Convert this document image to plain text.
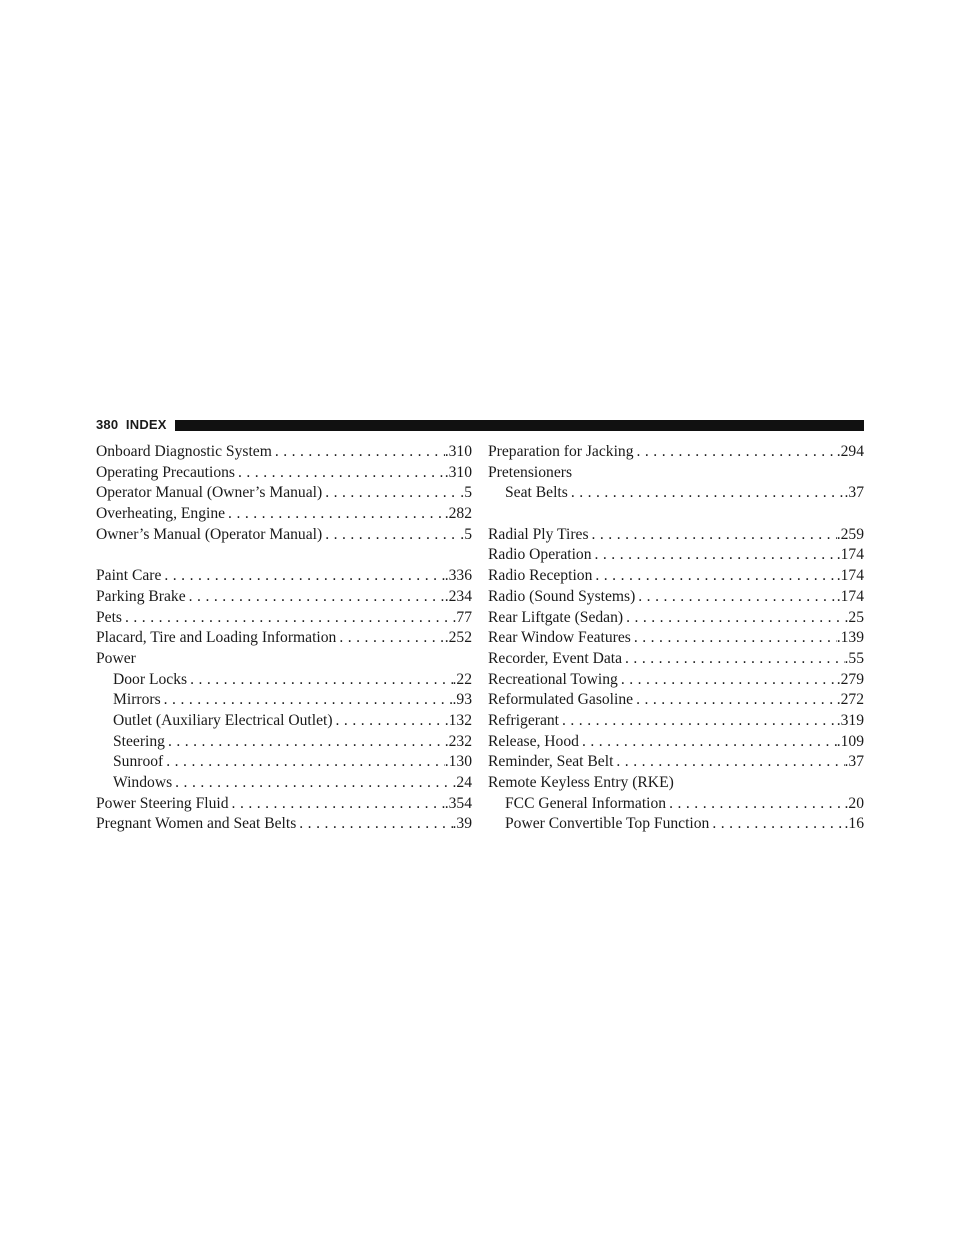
380  INDEX
Onboard Diagnostic System . . .	.310
Operating Precautions . . .	.310
Operator Manual (Owner’s Manual) . . .	.5
Overheating, Engine . . .	.282
Owner’s Manual (Operator Manual) . . .	.5
Paint Care . . .	.336
Parking Brake . . .	.234
Pets . . .	.77
Placard, Tire and Loading Information . . .	.252
Power
Door Locks . . .	.22
Mirrors . . .	.93
Outlet (Auxiliary Electrical Outlet) . . .	.132
Steering . . .	.232
Sunroof . . .	.130
Windows . . .	.24
Power Steering Fluid . . .	.354
Pregnant Women and Seat Belts . . .	.39
Preparation for Jacking . . .	.294
Pretensioners
Seat Belts . . .	.37
Radial Ply Tires . . .	.259
Radio Operation . . .	.174
Radio Reception . . .	.174
Radio (Sound Systems) . . .	.174
Rear Liftgate (Sedan) . . .	.25
Rear Window Features . . .	.139
Recorder, Event Data . . .	.55
Recreational Towing . . .	.279
Reformulated Gasoline . . .	.272
Refrigerant . . .	.319
Release, Hood . . .	.109
Reminder, Seat Belt . . .	.37
Remote Keyless Entry (RKE)
FCC General Information . . .	.20
Power Convertible Top Function . . .	.16
